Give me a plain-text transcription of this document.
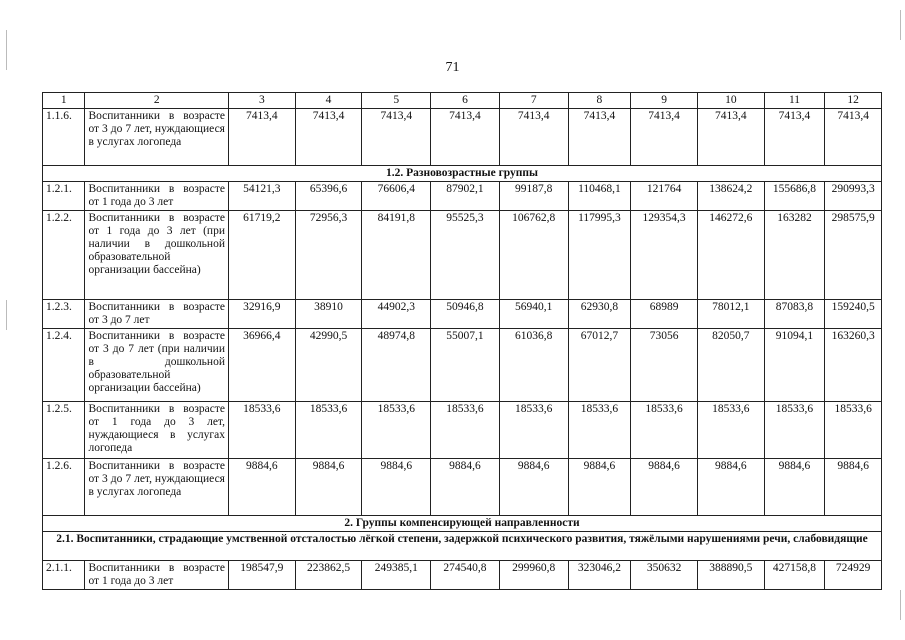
71
1	2	3	4	5	6	7	8	9	10	11	12
1.1.6.	Воспитанники в возрасте от 3 до 7 лет, нуждающиеся в услугах логопеда	7413,4	7413,4	7413,4	7413,4	7413,4	7413,4	7413,4	7413,4	7413,4	7413,4
1.2. Разновозрастные группы											
1.2.1.	Воспитанники в возрасте от 1 года до 3 лет	54121,3	65396,6	76606,4	87902,1	99187,8	110468,1	121764	138624,2	155686,8	290993,3
1.2.2.	Воспитанники в возрасте от 1 года до 3 лет (при наличии в дошкольной образовательной организации бассейна)	61719,2	72956,3	84191,8	95525,3	106762,8	117995,3	129354,3	146272,6	163282	298575,9
1.2.3.	Воспитанники в возрасте от 3 до 7 лет	32916,9	38910	44902,3	50946,8	56940,1	62930,8	68989	78012,1	87083,8	159240,5
1.2.4.	Воспитанники в возрасте от 3 до 7 лет (при наличии в дошкольной образовательной организации бассейна)	36966,4	42990,5	48974,8	55007,1	61036,8	67012,7	73056	82050,7	91094,1	163260,3
1.2.5.	Воспитанники в возрасте от 1 года до 3 лет, нуждающиеся в услугах логопеда	18533,6	18533,6	18533,6	18533,6	18533,6	18533,6	18533,6	18533,6	18533,6	18533,6
1.2.6.	Воспитанники в возрасте от 3 до 7 лет, нуждающиеся в услугах логопеда	9884,6	9884,6	9884,6	9884,6	9884,6	9884,6	9884,6	9884,6	9884,6	9884,6
2. Группы компенсирующей направленности											
2.1. Воспитанники, страдающие умственной отсталостью лёгкой степени, задержкой психического развития, тяжёлыми нарушениями речи, слабовидящие											
2.1.1.	Воспитанники в возрасте от 1 года до 3 лет	198547,9	223862,5	249385,1	274540,8	299960,8	323046,2	350632	388890,5	427158,8	724929
